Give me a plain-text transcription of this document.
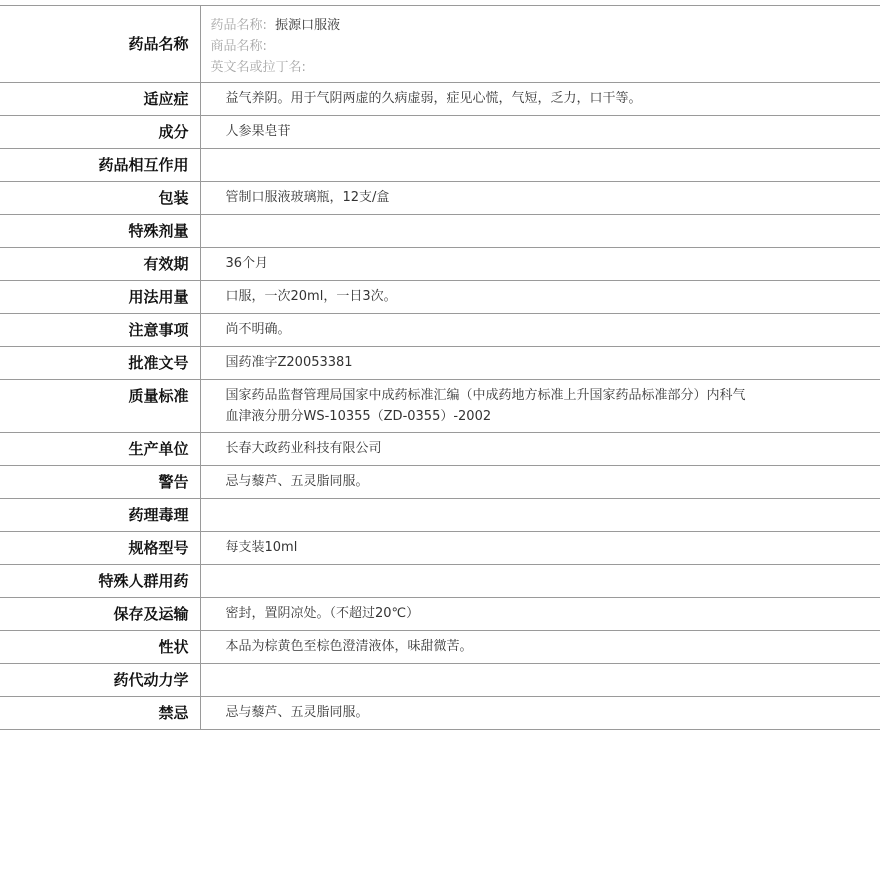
药品名称	药品名称: 振源口服液
商品名称:
英文名或拉丁名:

适应症	益气养阴。用于气阴两虚的久病虚弱，症见心慌，气短，乏力，口干等。
成分	人参果皂苷
药品相互作用	
包装	管制口服液玻璃瓶，12支/盒
特殊剂量	
有效期	36个月
用法用量	口服，一次20ml，一日3次。
注意事项	尚不明确。
批准文号	国药准字Z20053381
质量标准	国家药品监督管理局国家中成药标准汇编（中成药地方标准上升国家药品标准部分）内科气
血津液分册分WS-10355（ZD-0355）-2002

生产单位	长春大政药业科技有限公司
警告	忌与藜芦、五灵脂同服。
药理毒理	
规格型号	每支装10ml
特殊人群用药	
保存及运输	密封，置阴凉处。（不超过20℃）
性状	本品为棕黄色至棕色澄清液体，味甜微苦。
药代动力学	
禁忌	忌与藜芦、五灵脂同服。
